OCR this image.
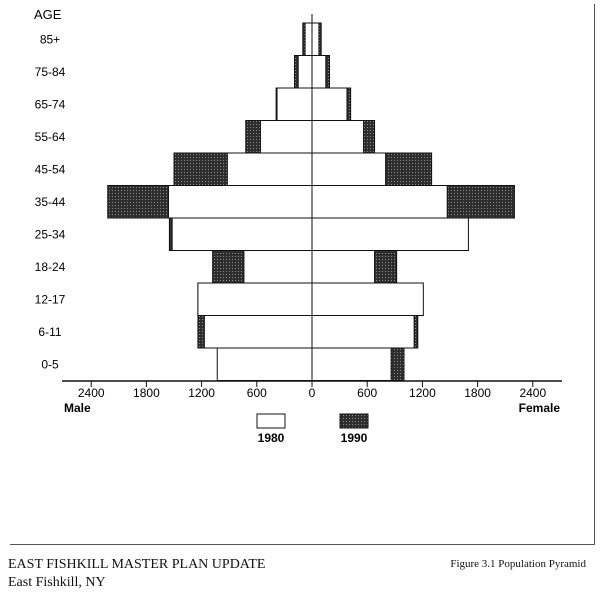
AGE
85+
75-84
65-74
55-64
45-54
35-44
25-34
18-24
12-17
6-11
0-5
2400 1800 1200	600	0	600	1200 1800 2400
Male	Female
1980	1990
EAST FISHKILL MASTER PLAN UPDATE
East Fishkill, NY
Figure 3.1 Population Pyramid
